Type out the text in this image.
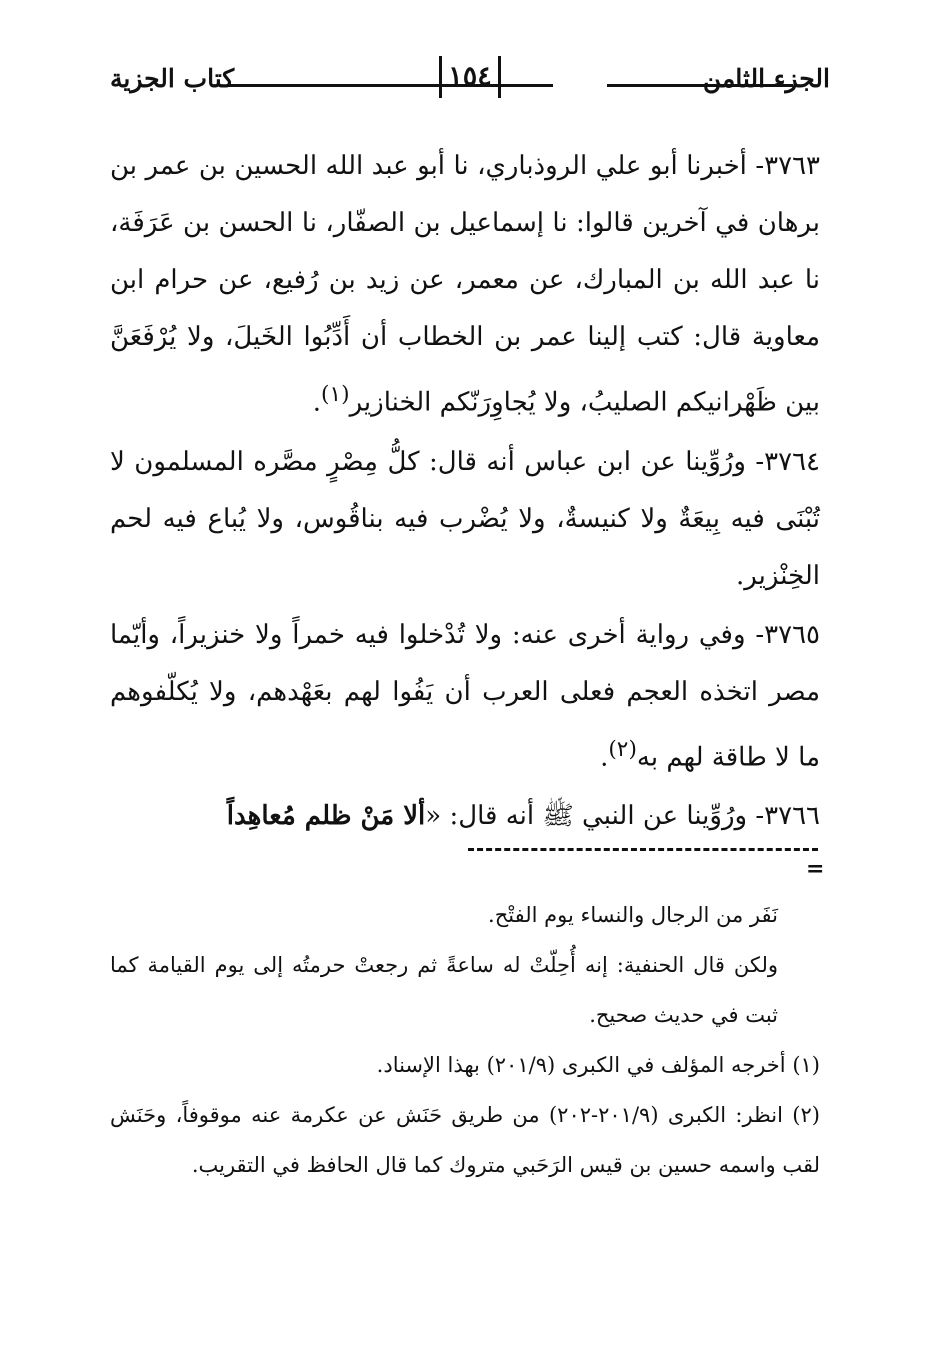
الجزء الثامن
١٥٤
كتاب الجزية

٣٧٦٣- أخبرنا أبو علي الروذباري، نا أبو عبد الله الحسين بن عمر بن برهان في آخرين قالوا: نا إسماعيل بن الصفّار، نا الحسن بن عَرَفَة، نا عبد الله بن المبارك، عن معمر، عن زيد بن رُفيع، عن حرام ابن معاوية قال: كتب إلينا عمر بن الخطاب أن أَدِّبُوا الخَيلَ، ولا يُرْفَعَنَّ بين ظَهْرانيكم الصليبُ، ولا يُجاوِرَنّكم الخنازير$^{(١)}$.

٣٧٦٤- ورُوِّينا عن ابن عباس أنه قال: كلُّ مِصْرٍ مصَّره المسلمون لا تُبْنَى فيه بِيعَةٌ ولا كنيسةٌ، ولا يُضْرب فيه بناقُوس، ولا يُباع فيه لحم الخِنْزير.

٣٧٦٥- وفي رواية أخرى عنه: ولا تُدْخلوا فيه خمراً ولا خنزيراً، وأيّما مصر اتخذه العجم فعلى العرب أن يَفُوا لهم بعَهْدهم، ولا يُكلّفوهم ما لا طاقة لهم به$^{(٢)}$.

٣٧٦٦- ورُوِّينا عن النبي ﷺ أنه قال: «ألا مَنْ ظلم مُعاهِداً

=

نَفَر من الرجال والنساء يوم الفتْح.

ولكن قال الحنفية: إنه أُحِلّتْ له ساعةً ثم رجعتْ حرمتُه إلى يوم القيامة كما ثبت في حديث صحيح.

(١) أخرجه المؤلف في الكبرى (٢٠١/٩) بهذا الإسناد.

(٢) انظر: الكبرى (٢٠١/٩-٢٠٢) من طريق حَنَش عن عكرمة عنه موقوفاً، وحَنَش لقب واسمه حسين بن قيس الرَحَبي متروك كما قال الحافظ في التقريب.
